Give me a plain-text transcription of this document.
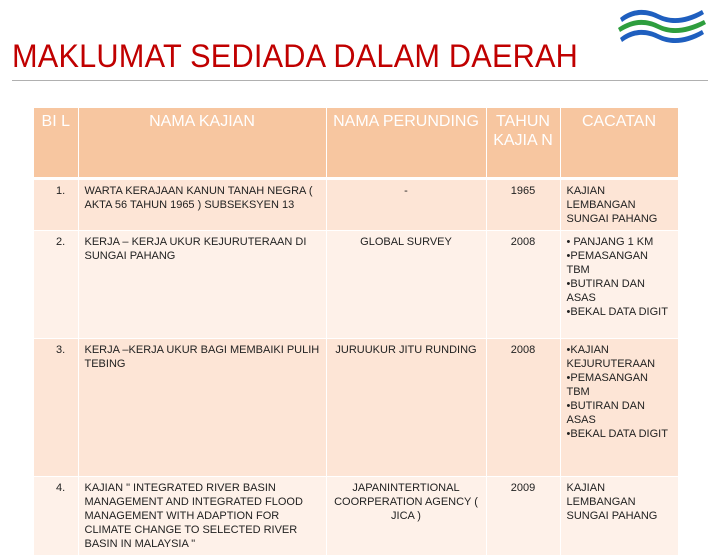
MAKLUMAT SEDIADA DALAM DAERAH
BI L	NAMA KAJIAN	NAMA PERUNDING	TAHUN KAJIA N	CACATAN
1.	WARTA KERAJAAN KANUN TANAH NEGRA ( AKTA 56 TAHUN 1965 ) SUBSEKSYEN 13	-	1965	KAJIAN LEMBANGAN SUNGAI PAHANG

2.	KERJA – KERJA UKUR KEJURUTERAAN DI SUNGAI PAHANG	GLOBAL SURVEY	2008	• PANJANG 1 KM
•PEMASANGAN TBM
•BUTIRAN DAN ASAS
•BEKAL DATA DIGIT

3.	KERJA –KERJA UKUR BAGI MEMBAIKI PULIH TEBING	JURUUKUR JITU RUNDING	2008	•KAJIAN KEJURUTERAAN
•PEMASANGAN TBM
•BUTIRAN DAN ASAS
•BEKAL DATA DIGIT

4.	KAJIAN " INTEGRATED RIVER BASIN MANAGEMENT AND INTEGRATED FLOOD MANAGEMENT WITH ADAPTION FOR CLIMATE CHANGE TO SELECTED RIVER BASIN IN MALAYSIA "	JAPANINTERTIONAL COORPERATION AGENCY ( JICA )	2009	KAJIAN LEMBANGAN SUNGAI PAHANG
